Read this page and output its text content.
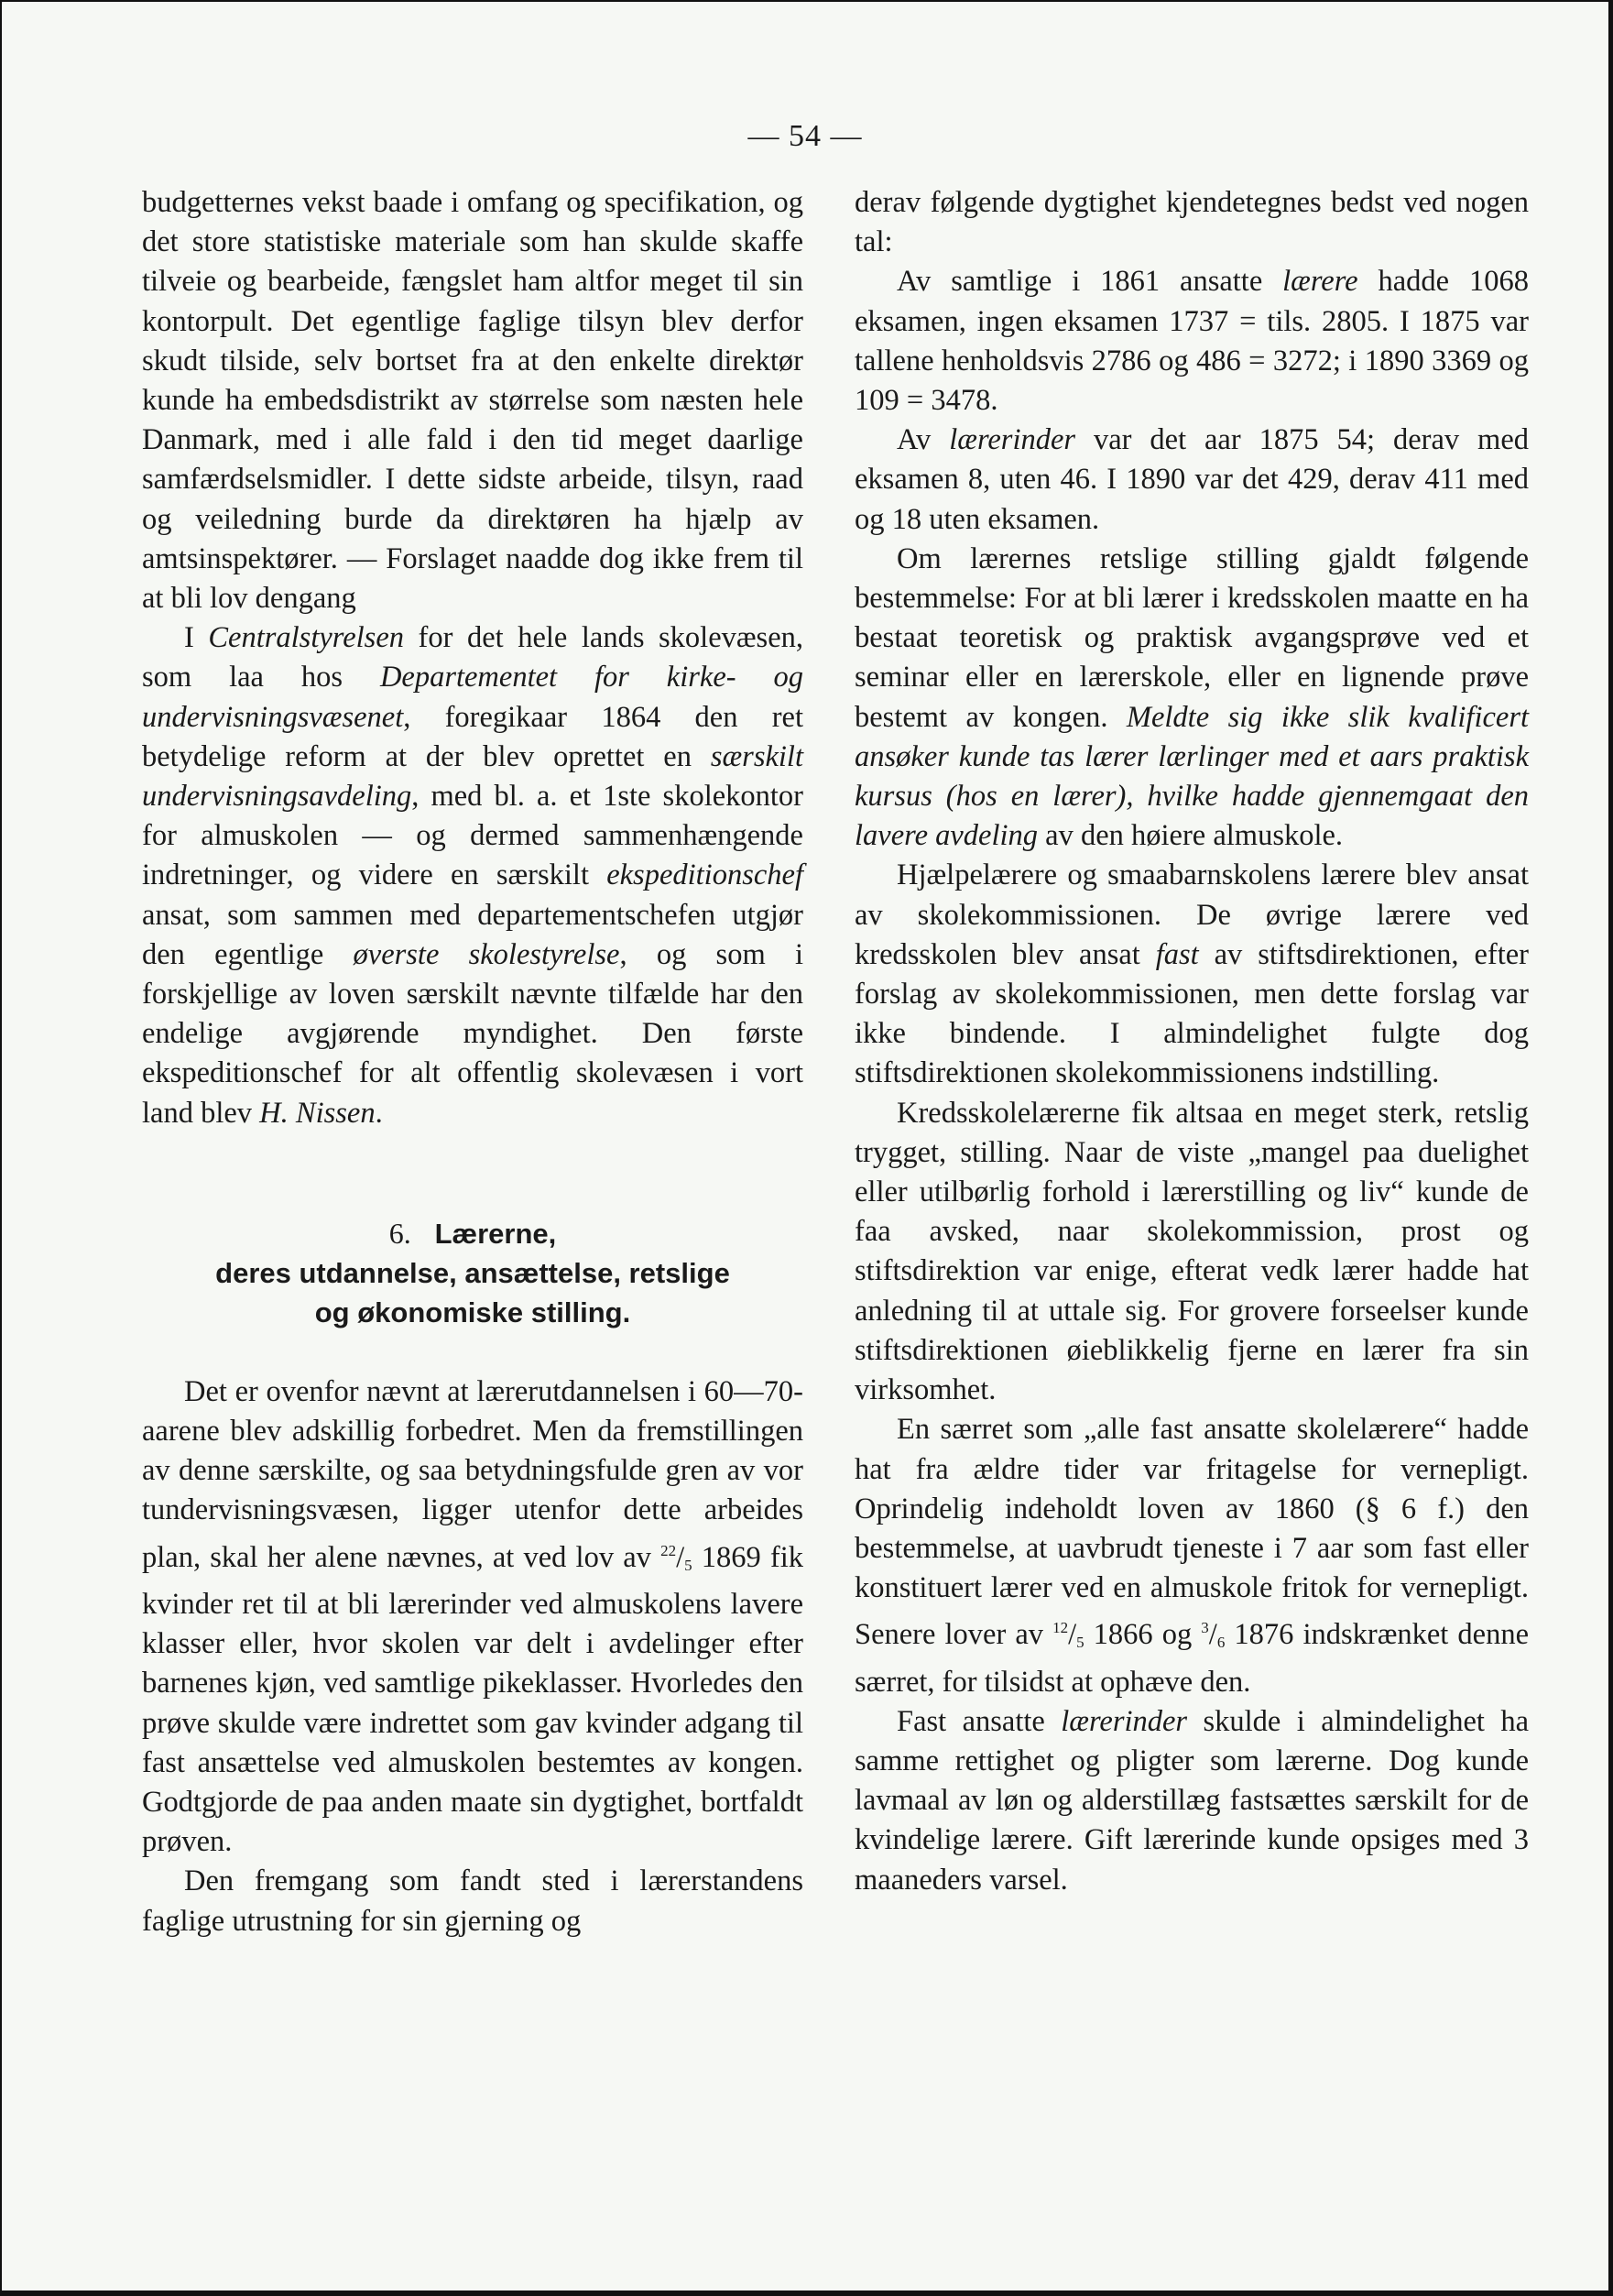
— 54 —

budgetternes vekst baade i omfang og specifikation, og det store statistiske materiale som han skulde skaffe tilveie og bearbeide, fængslet ham altfor meget til sin kontorpult. Det egentlige faglige tilsyn blev derfor skudt tilside, selv bortset fra at den enkelte direktør kunde ha embedsdistrikt av størrelse som næsten hele Danmark, med i alle fald i den tid meget daarlige samfærdselsmidler. I dette sidste arbeide, tilsyn, raad og veiledning burde da direktøren ha hjælp av amtsinspektører. — Forslaget naadde dog ikke frem til at bli lov dengang

I Centralstyrelsen for det hele lands skolevæsen, som laa hos Departementet for kirke- og undervisningsvæsenet, foregikaar 1864 den ret betydelige reform at der blev oprettet en særskilt undervisningsavdeling, med bl. a. et 1ste skolekontor for almuskolen — og dermed sammenhængende indretninger, og videre en særskilt ekspeditionschef ansat, som sammen med departementschefen utgjør den egentlige øverste skolestyrelse, og som i forskjellige av loven særskilt nævnte tilfælde har den endelige avgjørende myndighet. Den første ekspeditionschef for alt offentlig skolevæsen i vort land blev H. Nissen.

6. Lærerne,
deres utdannelse, ansættelse, retslige
og økonomiske stilling.

Det er ovenfor nævnt at lærerutdannelsen i 60—70-aarene blev adskillig forbedret. Men da fremstillingen av denne særskilte, og saa betydningsfulde gren av vor tundervisningsvæsen, ligger utenfor dette arbeides plan, skal her alene nævnes, at ved lov av $^{22}/_5$ 1869 fik kvinder ret til at bli lærerinder ved almuskolens lavere klasser eller, hvor skolen var delt i avdelinger efter barnenes kjøn, ved samtlige pikeklasser. Hvorledes den prøve skulde være indrettet som gav kvinder adgang til fast ansættelse ved almuskolen bestemtes av kongen. Godtgjorde de paa anden maate sin dygtighet, bortfaldt prøven.

Den fremgang som fandt sted i lærerstandens faglige utrustning for sin gjerning og

derav følgende dygtighet kjendetegnes bedst ved nogen tal:

Av samtlige i 1861 ansatte lærere hadde 1068 eksamen, ingen eksamen 1737 = tils. 2805. I 1875 var tallene henholdsvis 2786 og 486 = 3272; i 1890 3369 og 109 = 3478.

Av lærerinder var det aar 1875 54; derav med eksamen 8, uten 46. I 1890 var det 429, derav 411 med og 18 uten eksamen.

Om lærernes retslige stilling gjaldt følgende bestemmelse: For at bli lærer i kredsskolen maatte en ha bestaat teoretisk og praktisk avgangsprøve ved et seminar eller en lærerskole, eller en lignende prøve bestemt av kongen. Meldte sig ikke slik kvalificert ansøker kunde tas lærer lærlinger med et aars praktisk kursus (hos en lærer), hvilke hadde gjennemgaat den lavere avdeling av den høiere almuskole.

Hjælpelærere og smaabarnskolens lærere blev ansat av skolekommissionen. De øvrige lærere ved kredsskolen blev ansat fast av stiftsdirektionen, efter forslag av skolekommissionen, men dette forslag var ikke bindende. I almindelighet fulgte dog stiftsdirektionen skolekommissionens indstilling.

Kredsskolelærerne fik altsaa en meget sterk, retslig trygget, stilling. Naar de viste „mangel paa duelighet eller utilbørlig forhold i lærerstilling og liv“ kunde de faa avsked, naar skolekommission, prost og stiftsdirektion var enige, efterat vedk lærer hadde hat anledning til at uttale sig. For grovere forseelser kunde stiftsdirektionen øieblikkelig fjerne en lærer fra sin virksomhet.

En særret som „alle fast ansatte skolelærere“ hadde hat fra ældre tider var fritagelse for vernepligt. Oprindelig indeholdt loven av 1860 (§ 6 f.) den bestemmelse, at uavbrudt tjeneste i 7 aar som fast eller konstituert lærer ved en almuskole fritok for vernepligt. Senere lover av $^{12}/_5$ 1866 og $^3/_6$ 1876 indskrænket denne særret, for tilsidst at ophæve den.

Fast ansatte lærerinder skulde i almindelighet ha samme rettighet og pligter som lærerne. Dog kunde lavmaal av løn og alderstillæg fastsættes særskilt for de kvindelige lærere. Gift lærerinde kunde opsiges med 3 maaneders varsel.
